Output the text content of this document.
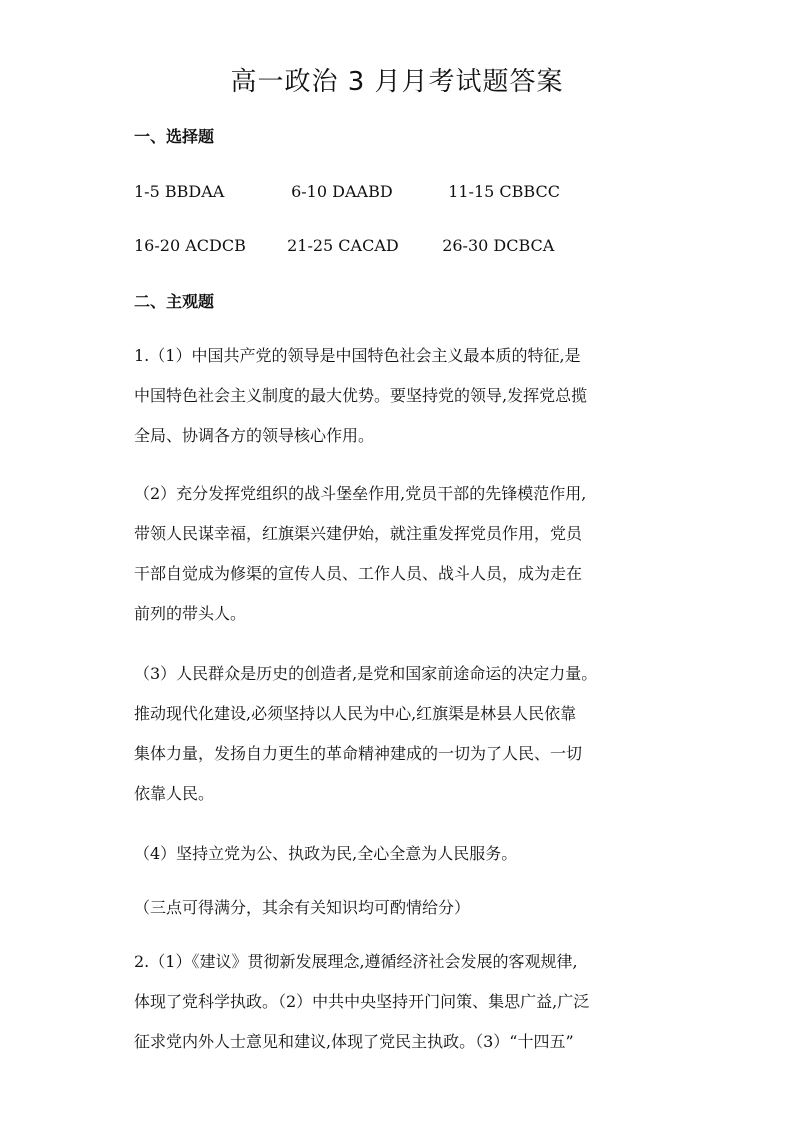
高一政治 3 月月考试题答案
一、选择题
1-5 BBDAA	6-10 DAABD	11-15 CBBCC
16-20 ACDCB	21-25 CACAD	26-30 DCBCA
二、主观题
1.（1）中国共产党的领导是中国特色社会主义最本质的特征,是
中国特色社会主义制度的最大优势。要坚持党的领导,发挥党总揽
全局、协调各方的领导核心作用。
（2）充分发挥党组织的战斗堡垒作用,党员干部的先锋模范作用,
带领人民谋幸福，红旗渠兴建伊始，就注重发挥党员作用，党员
干部自觉成为修渠的宣传人员、工作人员、战斗人员，成为走在
前列的带头人。
（3）人民群众是历史的创造者,是党和国家前途命运的决定力量。
推动现代化建设,必须坚持以人民为中心,红旗渠是林县人民依靠
集体力量，发扬自力更生的革命精神建成的一切为了人民、一切
依靠人民。
（4）坚持立党为公、执政为民,全心全意为人民服务。
（三点可得满分，其余有关知识均可酌情给分）
2.（1）《建议》贯彻新发展理念,遵循经济社会发展的客观规律,
体现了党科学执政。（2）中共中央坚持开门问策、集思广益,广泛
征求党内外人士意见和建议,体现了党民主执政。（3）“十四五”
